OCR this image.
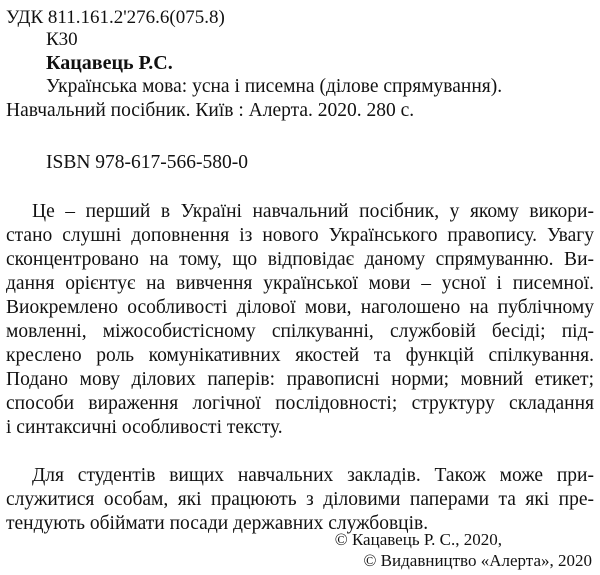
УДК 811.161.2'276.6(075.8)
К30
Кацавець Р.С.
Українська мова: усна і писемна (ділове спрямування).
Навчальний посібник. Київ : Алерта. 2020. 280 с.
ISBN 978-617-566-580-0
Це – перший в Україні навчальний посібник, у якому викори-
стано слушні доповнення із нового Українського правопису. Увагу
сконцентровано на тому, що відповідає даному спрямуванню. Ви-
дання орієнтує на вивчення української мови – усної і писемної.
Виокремлено особливості ділової мови, наголошено на публічному
мовленні, міжособистісному спілкуванні, службовій бесіді; під-
креслено роль комунікативних якостей та функцій спілкування.
Подано мову ділових паперів: правописні норми; мовний етикет;
способи вираження логічної послідовності; структуру складання
і синтаксичні особливості тексту.
Для студентів вищих навчальних закладів. Також може при-
служитися особам, які працюють з діловими паперами та які пре-
тендують обіймати посади державних службовців.
© Кацавець Р. С., 2020,
© Видавництво «Алерта», 2020
